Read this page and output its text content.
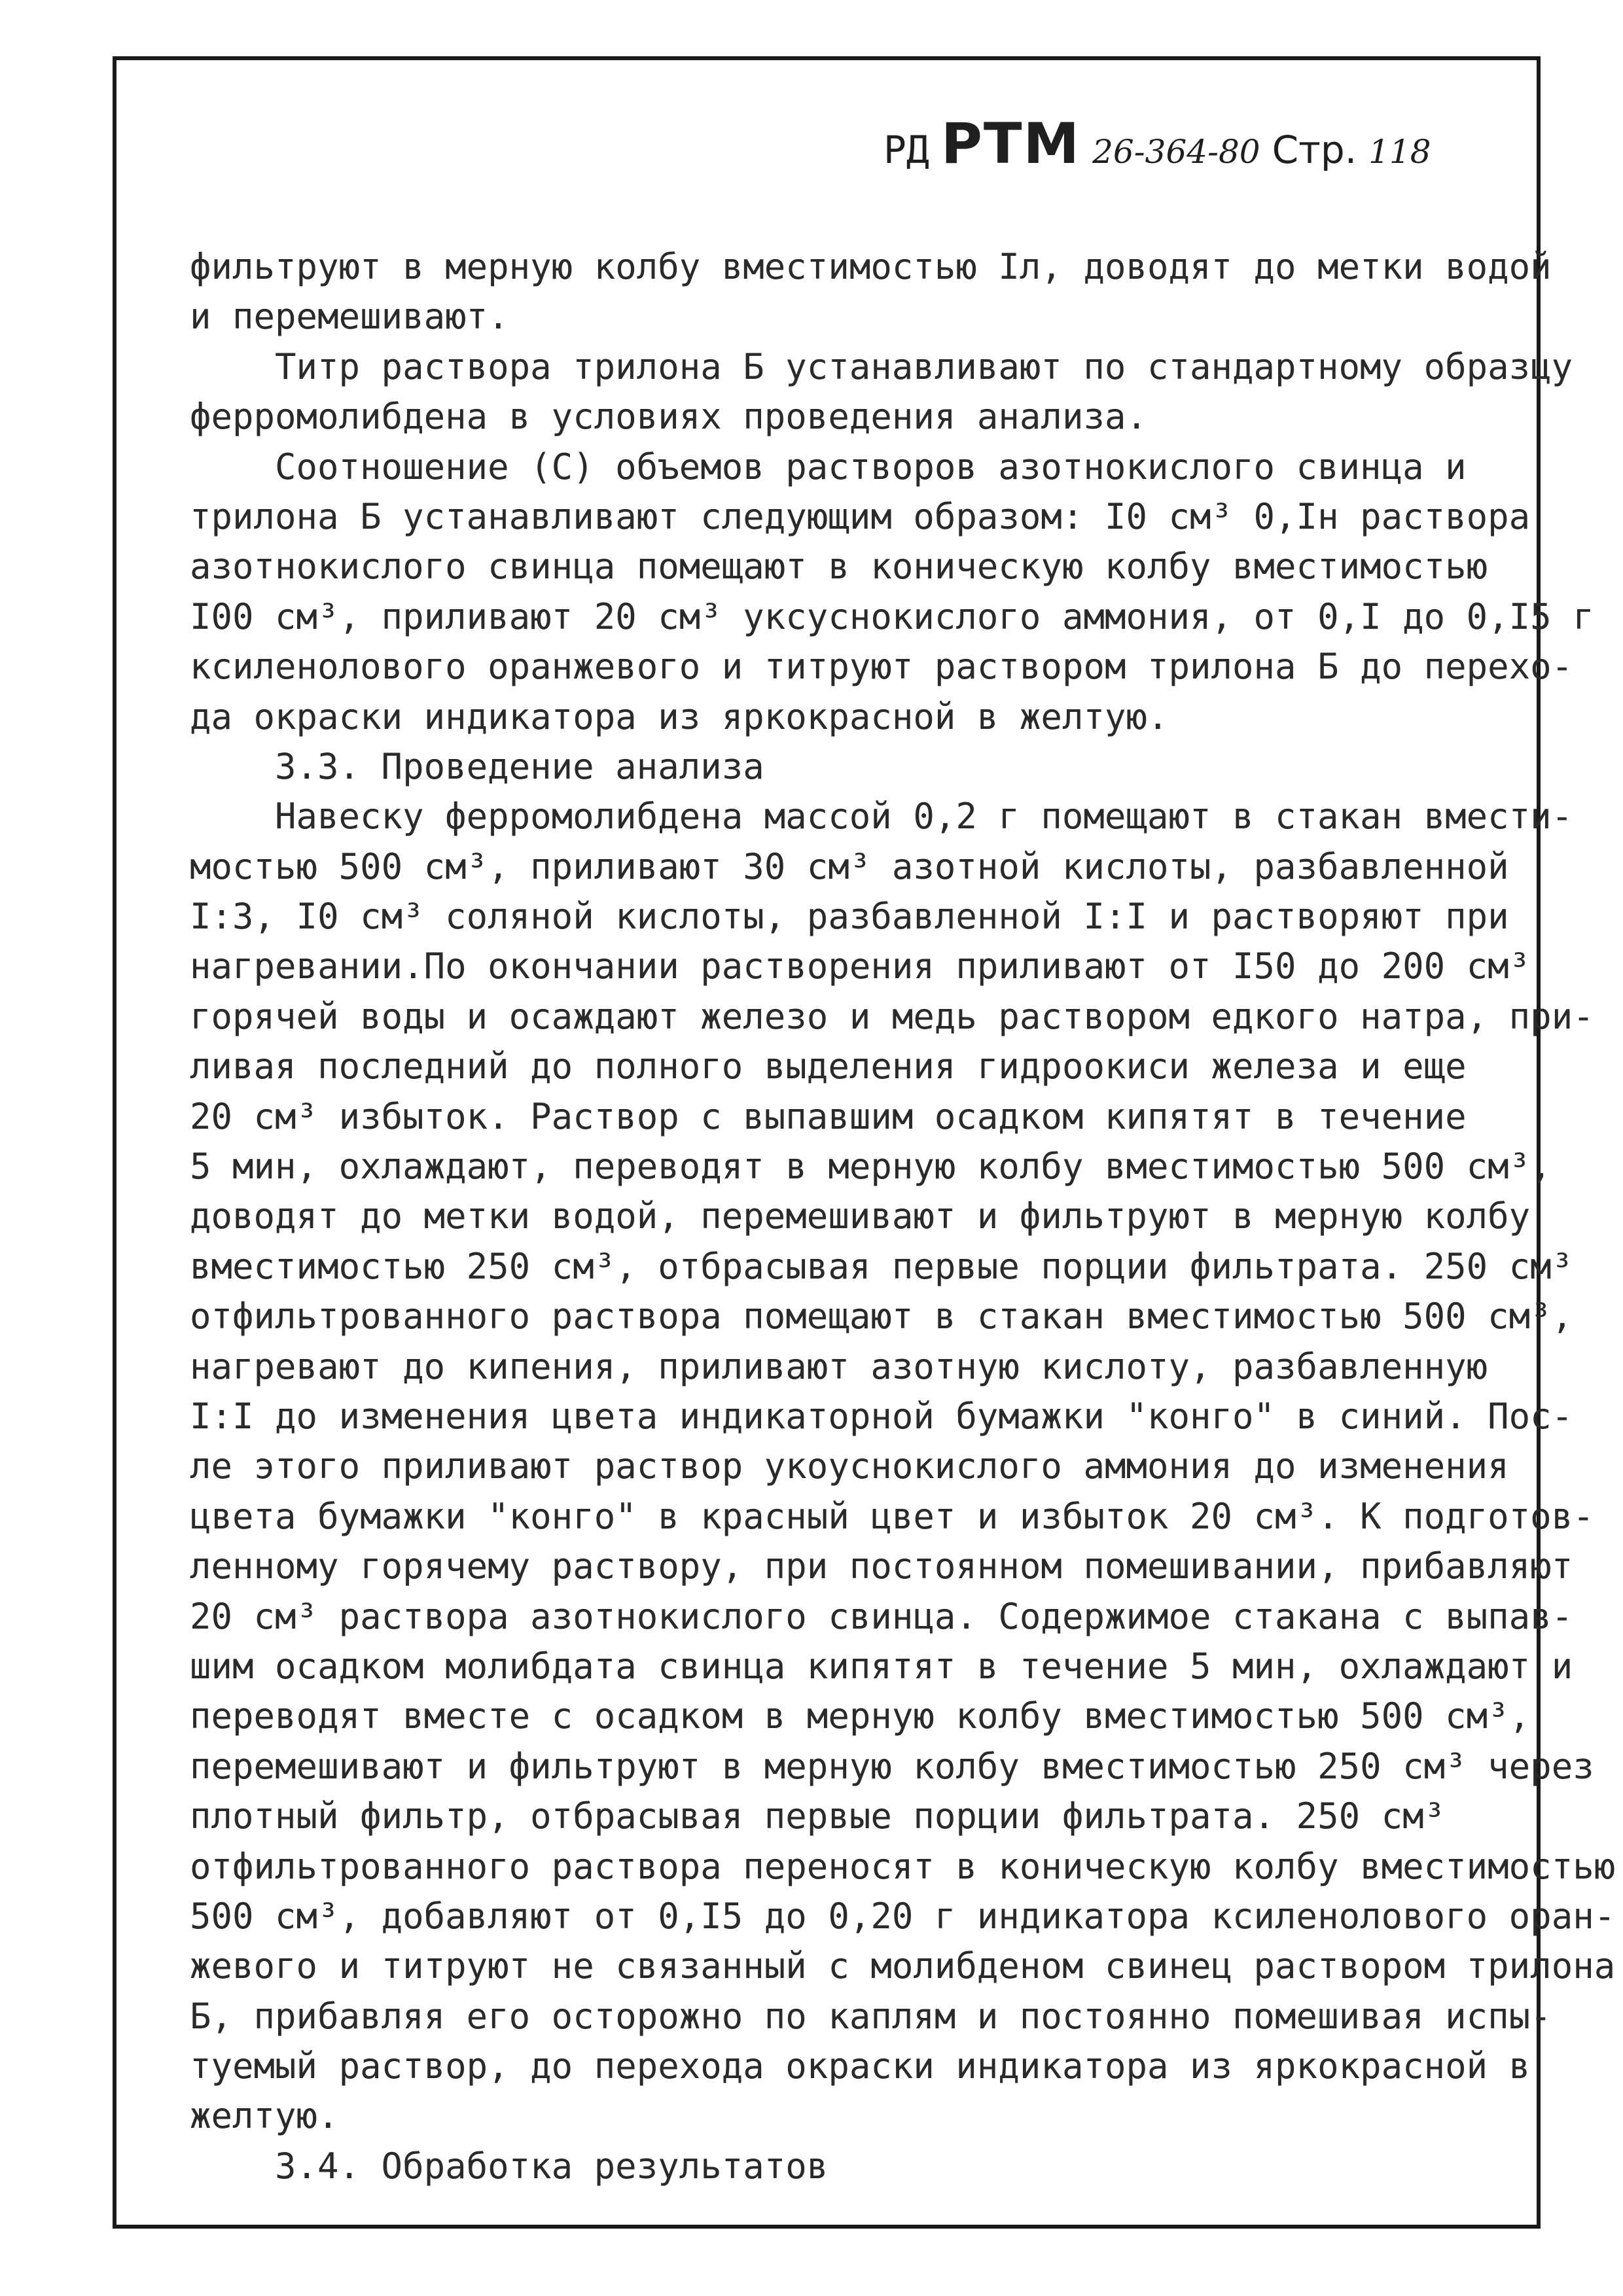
РД РТМ 26-364-80 Стр. 118
фильтруют в мерную колбу вместимостью Iл, доводят до метки водой
и перемешивают.
Титр раствора трилона Б устанавливают по стандартному образцу
ферромолибдена в условиях проведения анализа.
Соотношение (С) объемов растворов азотнокислого свинца и
трилона Б устанавливают следующим образом: I0 см³ 0,Iн раствора
азотнокислого свинца помещают в коническую колбу вместимостью
I00 см³, приливают 20 см³ уксуснокислого аммония, от 0,I до 0,I5 г
ксиленолового оранжевого и титруют раствором трилона Б до перехо-
да окраски индикатора из яркокрасной в желтую.
3.3. Проведение анализа
Навеску ферромолибдена массой 0,2 г помещают в стакан вмести-
мостью 500 см³, приливают 30 см³ азотной кислоты, разбавленной
I:3, I0 см³ соляной кислоты, разбавленной I:I и растворяют при
нагревании.По окончании растворения приливают от I50 до 200 см³
горячей воды и осаждают железо и медь раствором едкого натра, при-
ливая последний до полного выделения гидроокиси железа и еще
20 см³ избыток. Раствор с выпавшим осадком кипятят в течение
5 мин, охлаждают, переводят в мерную колбу вместимостью 500 см³,
доводят до метки водой, перемешивают и фильтруют в мерную колбу
вместимостью 250 см³, отбрасывая первые порции фильтрата. 250 см³
отфильтрованного раствора помещают в стакан вместимостью 500 см³,
нагревают до кипения, приливают азотную кислоту, разбавленную
I:I до изменения цвета индикаторной бумажки "конго" в синий. Пос-
ле этого приливают раствор укоуснокислого аммония до изменения
цвета бумажки "конго" в красный цвет и избыток 20 см³. К подготов-
ленному горячему раствору, при постоянном помешивании, прибавляют
20 см³ раствора азотнокислого свинца. Содержимое стакана с выпав-
шим осадком молибдата свинца кипятят в течение 5 мин, охлаждают и
переводят вместе с осадком в мерную колбу вместимостью 500 см³,
перемешивают и фильтруют в мерную колбу вместимостью 250 см³ через
плотный фильтр, отбрасывая первые порции фильтрата. 250 см³
отфильтрованного раствора переносят в коническую колбу вместимостью
500 см³, добавляют от 0,I5 до 0,20 г индикатора ксиленолового оран-
жевого и титруют не связанный с молибденом свинец раствором трилона
Б, прибавляя его осторожно по каплям и постоянно помешивая испы-
туемый раствор, до перехода окраски индикатора из яркокрасной в
желтую.
3.4. Обработка результатов
